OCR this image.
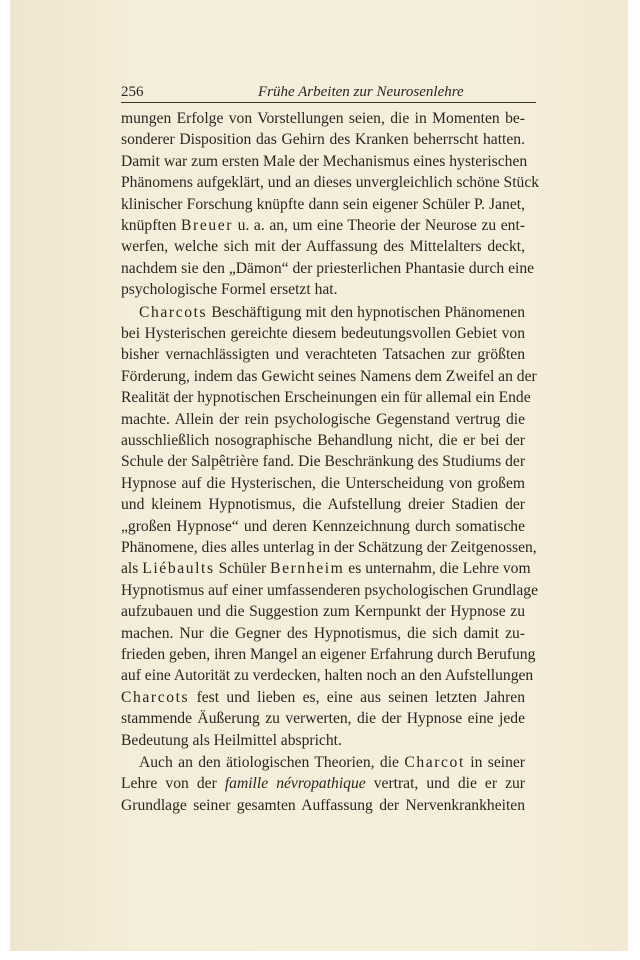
256	Frühe Arbeiten zur Neurosenlehre
mungen Erfolge von Vorstellungen seien, die in Momenten be-
sonderer Disposition das Gehirn des Kranken beherrscht hatten.
Damit war zum ersten Male der Mechanismus eines hysterischen
Phänomens aufgeklärt, und an dieses unvergleichlich schöne Stück
klinischer Forschung knüpfte dann sein eigener Schüler P. Janet,
knüpften Breuer u. a. an, um eine Theorie der Neurose zu ent-
werfen, welche sich mit der Auffassung des Mittelalters deckt,
nachdem sie den „Dämon“ der priesterlichen Phantasie durch eine
psychologische Formel ersetzt hat.
Charcots Beschäftigung mit den hypnotischen Phänomenen
bei Hysterischen gereichte diesem bedeutungsvollen Gebiet von
bisher vernachlässigten und verachteten Tatsachen zur größten
Förderung, indem das Gewicht seines Namens dem Zweifel an der
Realität der hypnotischen Erscheinungen ein für allemal ein Ende
machte. Allein der rein psychologische Gegenstand vertrug die
ausschließlich nosographische Behandlung nicht, die er bei der
Schule der Salpêtrière fand. Die Beschränkung des Studiums der
Hypnose auf die Hysterischen, die Unterscheidung von großem
und kleinem Hypnotismus, die Aufstellung dreier Stadien der
„großen Hypnose“ und deren Kennzeichnung durch somatische
Phänomene, dies alles unterlag in der Schätzung der Zeitgenossen,
als Liébaults Schüler Bernheim es unternahm, die Lehre vom
Hypnotismus auf einer umfassenderen psychologischen Grundlage
aufzubauen und die Suggestion zum Kernpunkt der Hypnose zu
machen. Nur die Gegner des Hypnotismus, die sich damit zu-
frieden geben, ihren Mangel an eigener Erfahrung durch Berufung
auf eine Autorität zu verdecken, halten noch an den Aufstellungen
Charcots fest und lieben es, eine aus seinen letzten Jahren
stammende Äußerung zu verwerten, die der Hypnose eine jede
Bedeutung als Heilmittel abspricht.
Auch an den ätiologischen Theorien, die Charcot in seiner
Lehre von der famille névropathique vertrat, und die er zur
Grundlage seiner gesamten Auffassung der Nervenkrankheiten
